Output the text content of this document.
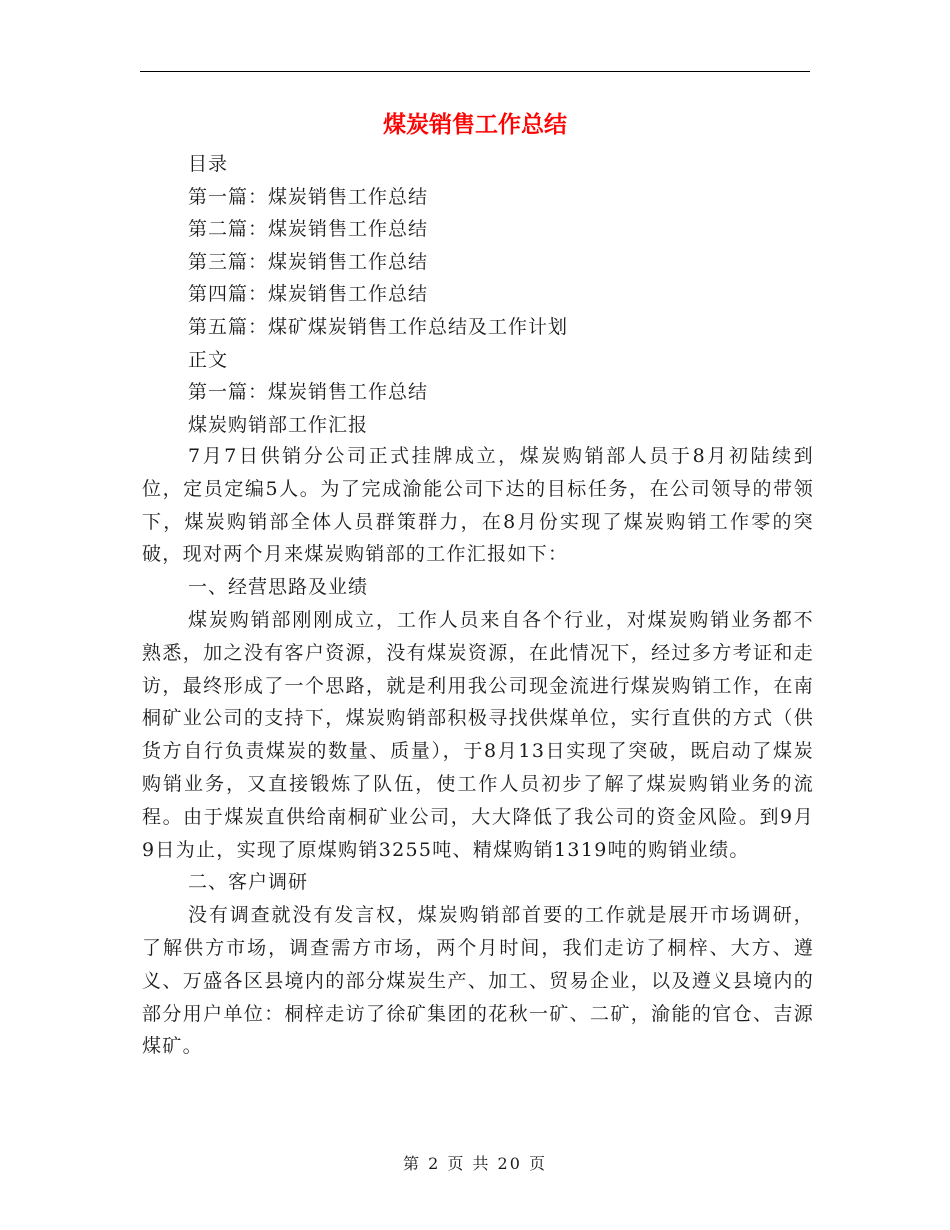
煤炭销售工作总结
目录
第一篇：煤炭销售工作总结
第二篇：煤炭销售工作总结
第三篇：煤炭销售工作总结
第四篇：煤炭销售工作总结
第五篇：煤矿煤炭销售工作总结及工作计划
正文
第一篇：煤炭销售工作总结
煤炭购销部工作汇报

7月7日供销分公司正式挂牌成立，煤炭购销部人员于8月初陆续到位，定员定编5人。为了完成渝能公司下达的目标任务，在公司领导的带领下，煤炭购销部全体人员群策群力，在8月份实现了煤炭购销工作零的突破，现对两个月来煤炭购销部的工作汇报如下：

一、经营思路及业绩

煤炭购销部刚刚成立，工作人员来自各个行业，对煤炭购销业务都不熟悉，加之没有客户资源，没有煤炭资源，在此情况下，经过多方考证和走访，最终形成了一个思路，就是利用我公司现金流进行煤炭购销工作，在南桐矿业公司的支持下，煤炭购销部积极寻找供煤单位，实行直供的方式（供货方自行负责煤炭的数量、质量），于8月13日实现了突破，既启动了煤炭购销业务，又直接锻炼了队伍，使工作人员初步了解了煤炭购销业务的流程。由于煤炭直供给南桐矿业公司，大大降低了我公司的资金风险。到9月9日为止，实现了原煤购销3255吨、精煤购销1319吨的购销业绩。

二、客户调研

没有调查就没有发言权，煤炭购销部首要的工作就是展开市场调研，了解供方市场，调查需方市场，两个月时间，我们走访了桐梓、大方、遵义、万盛各区县境内的部分煤炭生产、加工、贸易企业，以及遵义县境内的部分用户单位：桐梓走访了徐矿集团的花秋一矿、二矿，渝能的官仓、吉源煤矿。

第 2 页 共 20 页
